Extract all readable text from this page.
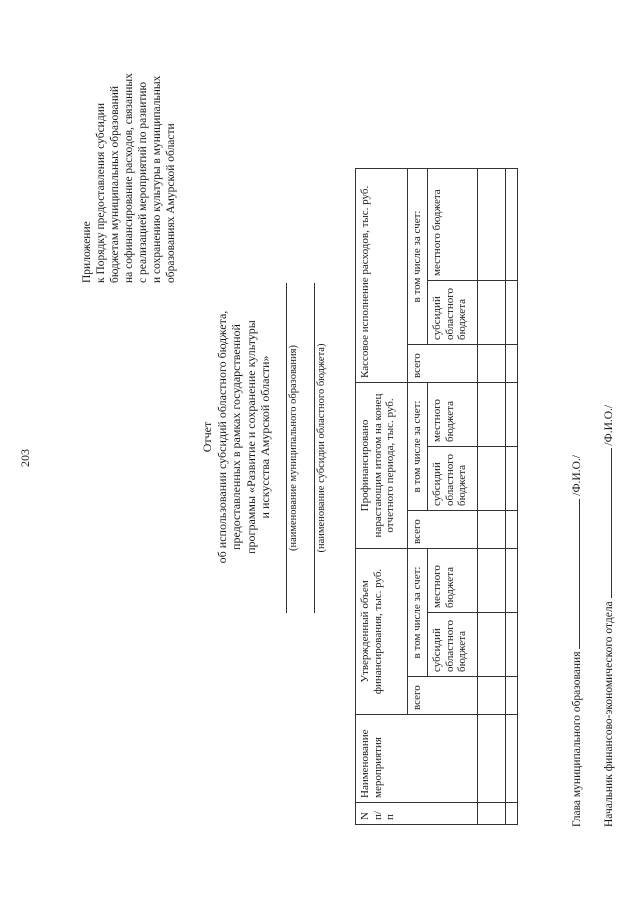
203
Приложение к Порядку предоставления субсидии бюджетам муниципальных образований на софинансирование расходов, связанных с реализацией мероприятий по развитию и сохранению культуры в муниципальных образованиях Амурской области
Отчет об использовании субсидий областного бюджета, предоставленных в рамках государственной программы «Развитие и сохранение культуры и искусства Амурской области» (наименование муниципального образования) (наименование субсидии областного бюджета)
N п/п	Наименование мероприятия	Утвержденный объем финансирования, тыс. руб.			Профинансировано нарастающим итогом на конец отчетного периода, тыс. руб.			Кассовое исполнение расходов, тыс. руб.		
		всего	в том числе за счет:		всего	в том числе за счет:		всего	в том числе за счет:	
			субсидий областного бюджета	местного бюджета		субсидий областного бюджета	местного бюджета		субсидий областного бюджета	местного бюджета

Глава муниципального образования  /Ф.И.О./
Начальник финансово-экономического отдела  /Ф.И.О./
